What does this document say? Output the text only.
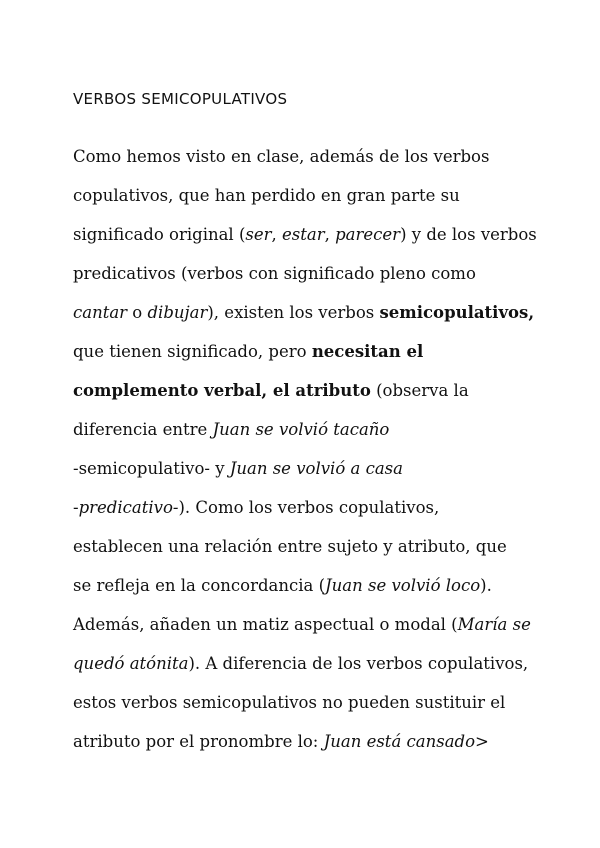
VERBOS SEMICOPULATIVOS
Como hemos visto en clase, además de los verbos
copulativos, que han perdido en gran parte su
significado original (ser, estar, parecer) y de los verbos
predicativos (verbos con significado pleno como
cantar o dibujar), existen los verbos semicopulativos,
que tienen significado, pero necesitan el
complemento verbal, el atributo (observa la
diferencia entre Juan se volvió tacaño
-semicopulativo- y Juan se volvió a casa
-predicativo-). Como los verbos copulativos,
establecen una relación entre sujeto y atributo, que
se refleja en la concordancia (Juan se volvió loco).
Además, añaden un matiz aspectual o modal (María se
quedó atónita). A diferencia de los verbos copulativos,
estos verbos semicopulativos no pueden sustituir el
atributo por el pronombre lo: Juan está cansado>
